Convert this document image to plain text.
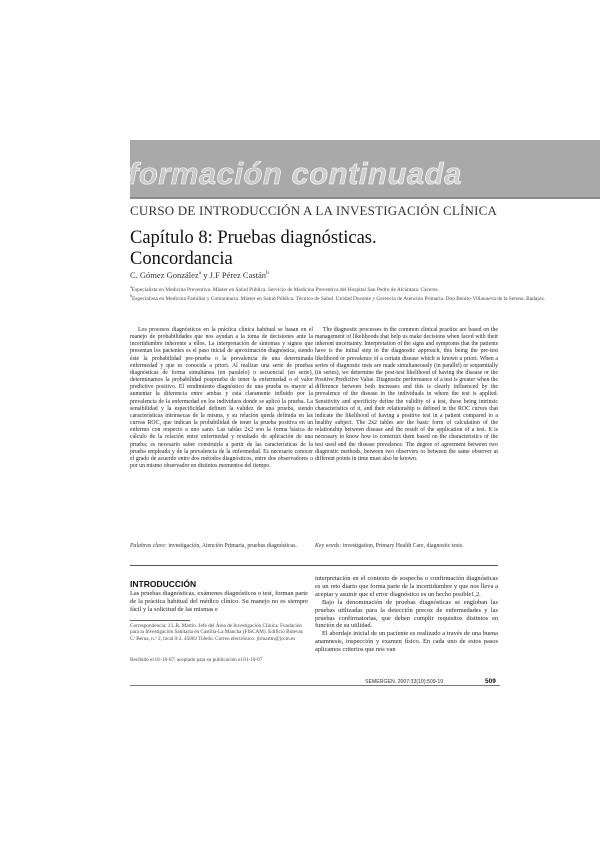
formación continuada

CURSO DE INTRODUCCIÓN A LA INVESTIGACIÓN CLÍNICA

Capítulo 8: Pruebas diagnósticas.
Concordancia

C. Gómez González$^a$ y J.F Pérez Castán$^b$

$^a$Especialista en Medicina Preventiva. Máster en Salud Pública. Servicio de Medicina Preventiva del Hospital San Pedro de Alcántara. Cáceres.
$^b$Especialista en Medicina Familiar y Comunitaria. Máster en Salud Pública. Técnico de Salud. Unidad Docente y Gerencia de Atención Primaria. Don Benito-Villanueva de la Serena. Badajoz.

Los procesos diagnósticos en la práctica clínica habitual se basan en el manejo de probabilidades que nos ayudan a la toma de decisiones ante la incertidumbre inherente a ellos. La interpretación de síntomas y signos que presentan los pacientes es el paso inicial de aproximación diagnóstica, siendo éste la probabilidad pre-prueba o la prevalencia de una determinada enfermedad y que es conocida a priori. Al realizar una serie de pruebas diagnósticas de forma simultánea (en paralelo) o secuencial (en serie), determinamos la probabilidad posprueba de tener la enfermedad o el valor predictivo positivo. El rendimiento diagnóstico de una prueba es mayor al aumentar la diferencia entre ambas y está claramente influido por la prevalencia de la enfermedad en los individuos donde se aplicó la prueba. La sensibilidad y la especificidad definen la validez de una prueba, siendo características intrínsecas de la misma, y su relación queda definida en las curvas ROC, que indican la probabilidad de tener la prueba positiva en un enfermo con respecto a uno sano. Las tablas 2x2 son la forma básica de cálculo de la relación entre enfermedad y resultado de aplicación de una prueba; es necesario saber construirla a partir de las características de la prueba empleada y de la prevalencia de la enfermedad. Es necesario conocer el grado de acuerdo entre dos métodos diagnósticos, entre dos observadores o por un mismo observador en distintos momentos del tiempo.

The diagnostic processes in the common clinical practice are based on the management of likelihoods that help us make decisions when faced with their inherent uncertainty. Interpretation of the signs and symptoms that the patients have is the initial step in the diagnostic approach, this being the pre-test likelihood or prevalence of a certain disease which is known a priori. When a series of diagnostic tests are made simultaneously (in parallel) or sequentially (in series), we determine the post-test likelihood of having the disease or the Positive Predictive Value. Diagnostic performance of a test is greater when the difference between both increases and this is clearly influenced by the prevalence of the disease in the individuals in whom the test is applied. Sensitivity and specificity define the validity of a test, these being intrinsic characteristics of it, and their relationship is defined in the ROC curves that indicate the likelihood of having a positive test in a patient compared to a healthy subject. The 2x2 tables are the basic form of calculation of the relationship between disease and the result of the application of a test. It is necessary to know how to construct them based on the characteristics of the test used and the disease prevalence. The degree of agreement between two diagnostic methods, between two observers or between the same observer at different points in time must also be known.

Palabras clave: investigación, Atención Primaria, pruebas diagnósticas.	Key words: investigation, Primary Health Care, diagnostic tests.

INTRODUCCIÓN

Las pruebas diagnósticas, exámenes diagnósticos o test, forman parte de la práctica habitual del médico clínico. Su manejo no es siempre fácil y la solicitud de las mismas e

Correspondencia: J.L.R. Martín. Jefe del Área de Investigación Clínica. Fundación para la Investigación Sanitaria en Castilla-La Mancha (FISCAM). Edificio Bulevar. C/ Berna, n.º 2, local 0-2. 45003 Toledo. Correo electrónico: jlrmartin@jccm.es

Recibido el 01-10-07; aceptado para su publicación el 01-10-07.

interpretación en el contexto de sospecha o confirmación diagnósticas es un reto diario que forma parte de la incertidumbre y que nos lleva a aceptar y asumir que el error diagnóstico es un hecho posible1,2.

Bajo la denominación de pruebas diagnósticas se engloban las pruebas utilizadas para la detección precoz de enfermedades y las pruebas confirmatorias, que deben cumplir requisitos distintos en función de su utilidad.

El abordaje inicial de un paciente es realizado a través de una buena anamnesis, inspección y examen físico. En cada uno de estos pasos aplicamos criterios que nos van

SEMERGEN. 2007;33(10):509-19	509
